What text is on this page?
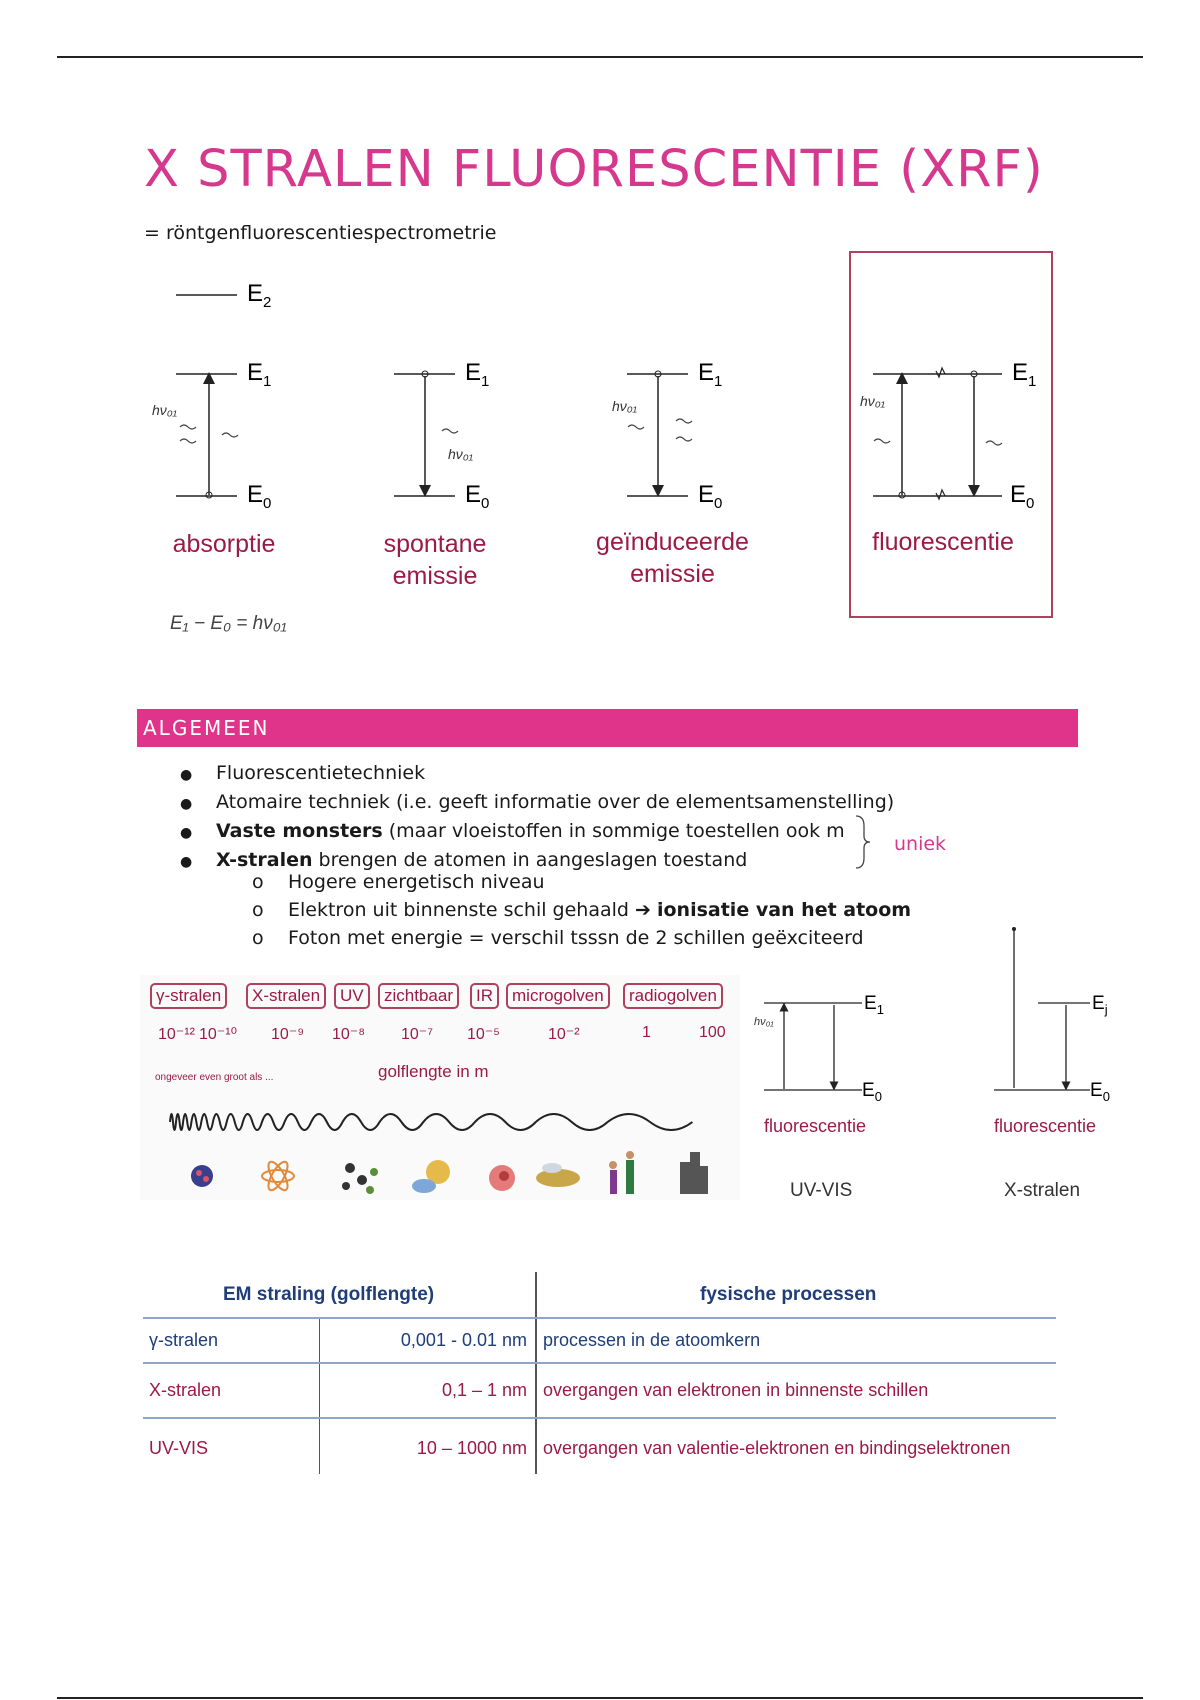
X STRALEN FLUORESCENTIE (XRF)
= röntgenfluorescentiespectrometrie
$E_2$
$E_1$
$E_0$
hν₀₁
$E_1$
$E_0$
hν₀₁
$E_1$
$E_0$
hν₀₁
$E_1$
$E_0$
hν₀₁
E₁ − E₀ = hν₀₁
absorptie	spontane
emissie
geïnduceerde
emissie
fluorescentie
ALGEMEEN
● Fluorescentietechniek
● Atomaire techniek (i.e. geeft informatie over de elementsamenstelling)
● Vaste monsters (maar vloeistoffen in sommige toestellen ook m
● X-stralen brengen de atomen in aangeslagen toestand
o Hogere energetisch niveau
o Elektron uit binnenste schil gehaald ➔ ionisatie van het atoom
o Foton met energie = verschil tsssn de 2 schillen geëxciteerd
uniek
γ-stralen	X-stralen	UV	zichtbaar	IR	microgolven	radiogolven
10⁻¹² 10⁻¹⁰ 10⁻⁹ 10⁻⁸ 10⁻⁷ 10⁻⁵	10⁻²	1	100
ongeveer even groot als ...	golflengte in m
$E_1$
$E_0$
hν₀₁
$E_j$
$E_0$
fluorescentie	fluorescentie
UV-VIS	X-stralen
EM straling (golflengte)	fysische processen
γ-stralen	0,001 - 0.01 nm processen in de atoomkern
X-stralen	0,1 – 1 nm overgangen van elektronen in binnenste schillen
UV-VIS	10 – 1000 nm overgangen van valentie-elektronen en bindingselektronen
